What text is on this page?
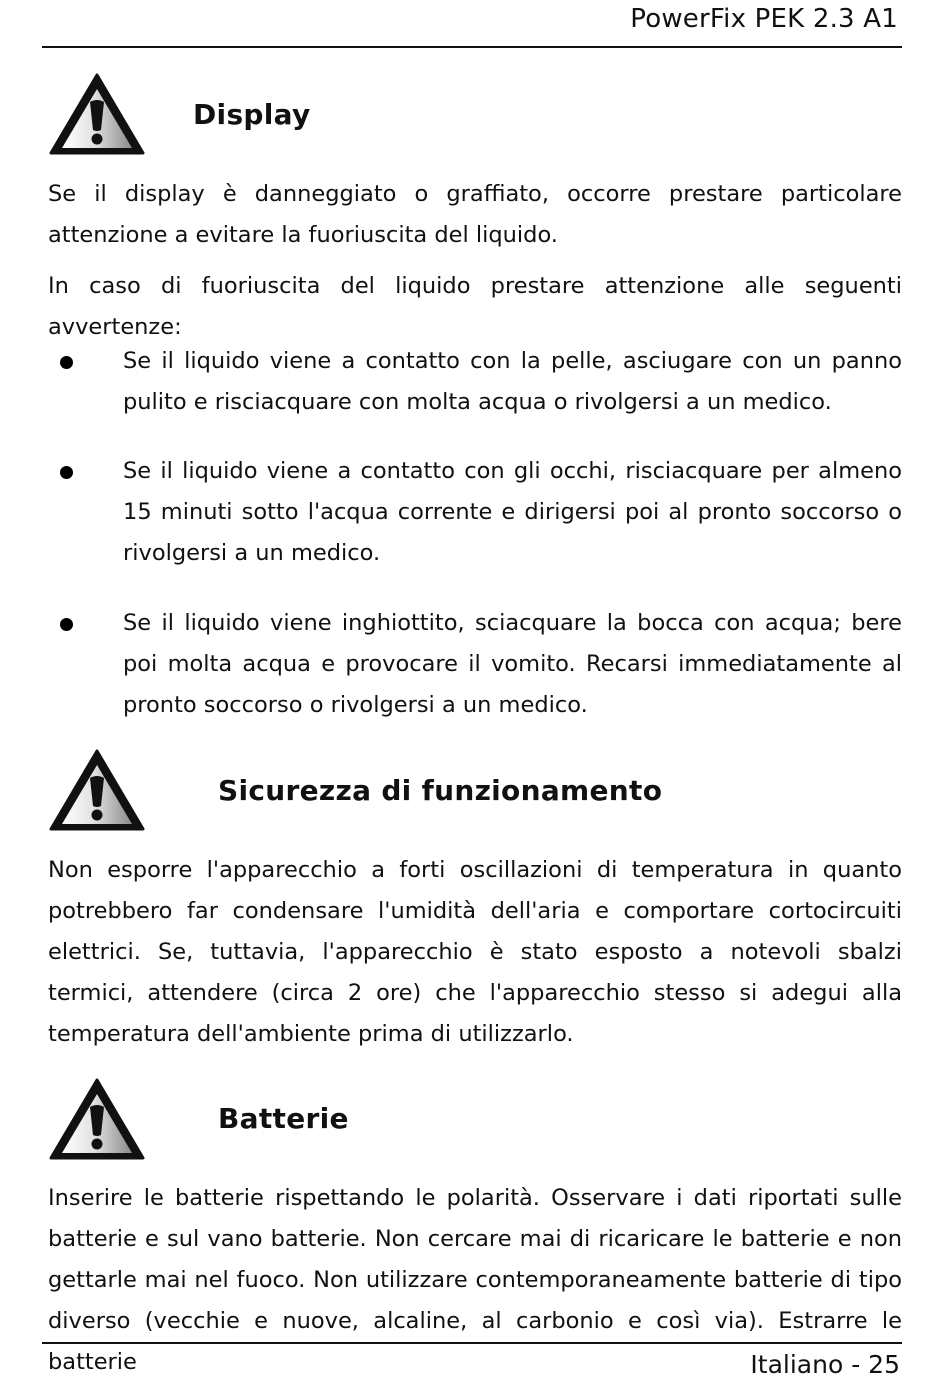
PowerFix PEK 2.3 A1
Display

Se il display è danneggiato o graffiato, occorre prestare particolare attenzione a evitare la fuoriuscita del liquido.

In caso di fuoriuscita del liquido prestare attenzione alle seguenti avvertenze:

Se il liquido viene a contatto con la pelle, asciugare con un panno pulito e risciacquare con molta acqua o rivolgersi a un medico.

Se il liquido viene a contatto con gli occhi, risciacquare per almeno 15 minuti sotto l'acqua corrente e dirigersi poi al pronto soccorso o rivolgersi a un medico.

Se il liquido viene inghiottito, sciacquare la bocca con acqua; bere poi molta acqua e provocare il vomito. Recarsi immediatamente al pronto soccorso o rivolgersi a un medico.

Sicurezza di funzionamento

Non esporre l'apparecchio a forti oscillazioni di temperatura in quanto potrebbero far condensare l'umidità dell'aria e comportare cortocircuiti elettrici. Se, tuttavia, l'apparecchio è stato esposto a notevoli sbalzi termici, attendere (circa 2 ore) che l'apparecchio stesso si adegui alla temperatura dell'ambiente prima di utilizzarlo.

Batterie

Inserire le batterie rispettando le polarità. Osservare i dati riportati sulle batterie e sul vano batterie. Non cercare mai di ricaricare le batterie e non gettarle mai nel fuoco. Non utilizzare contemporaneamente batterie di tipo diverso (vecchie e nuove, alcaline, al carbonio e così via). Estrarre le batterie	Italiano - 25
